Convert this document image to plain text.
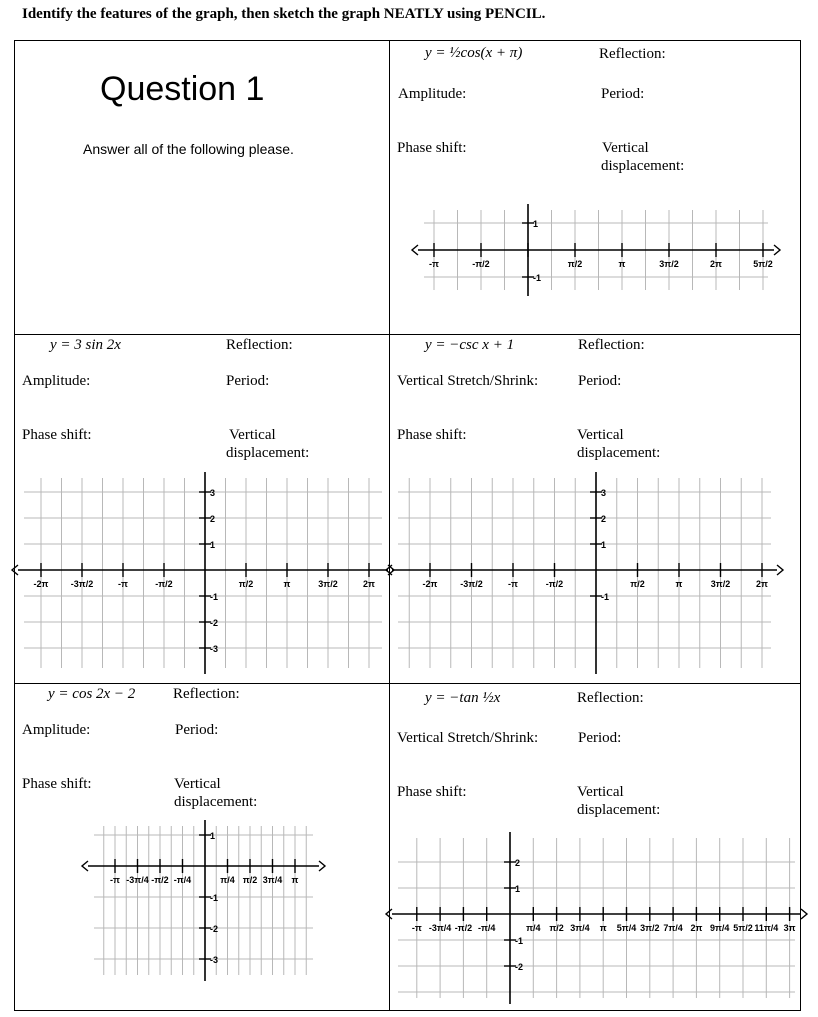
Identify the features of the graph, then sketch the graph NEATLY using PENCIL.
Question 1
Answer all of the following please.
y = ½cos(x + π)	Reflection:
Amplitude:	Period:
Phase shift:	Vertical
displacement:
y = 3 sin 2x	Reflection:
Amplitude:	Period:
Phase shift:	Vertical
displacement:
y = −csc x + 1	Reflection:
Vertical Stretch/Shrink:	Period:
Phase shift:	Vertical
displacement:
y = cos 2x − 2	Reflection:
Amplitude:	Period:
Phase shift:	Vertical
displacement:
y = −tan ½x	Reflection:
Vertical Stretch/Shrink:	Period:
Phase shift:	Vertical
displacement:
-π	-π/2	π/2	π	3π/2	2π	5π/2
1
-1
-2π -3π/2	-π	-π/2	π/2	π	3π/2	2π
3
2
1
-1
-2
-3
-2π	-3π/2	-π	-π/2	π/2	π	3π/2	2π
3
2
1
-1
-π -3π/4 -π/2 -π/4	π/4 π/2 3π/4 π
1
-1
-2
-3
-π -3π/4 -π/2 -π/4	π/4 π/2 3π/4 π 5π/4 3π/2 7π/4 2π 9π/4 5π/2 11π/4 3π
2
1
-1
-2
